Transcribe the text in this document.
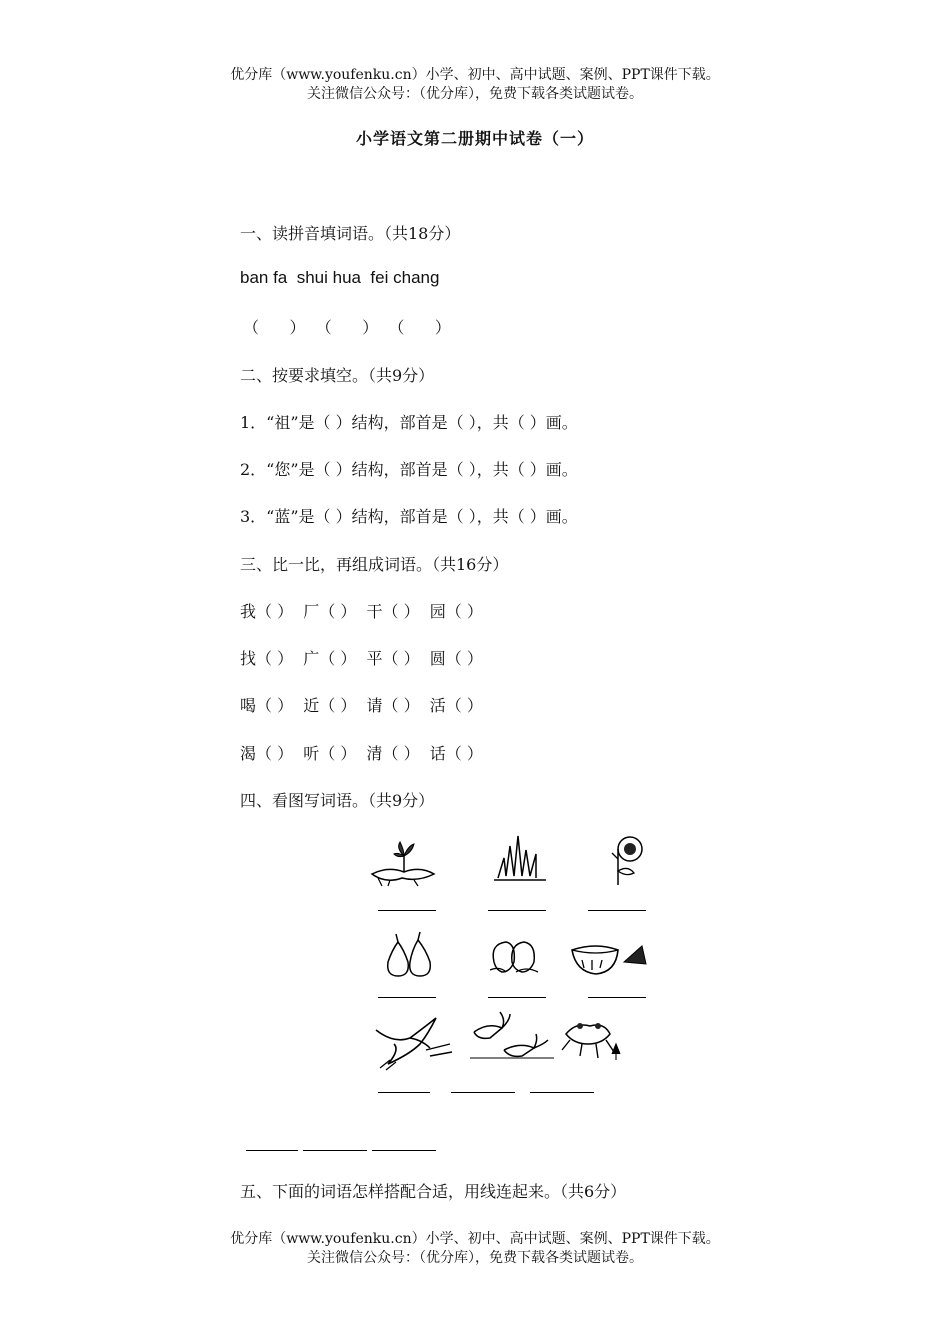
优分库（www.youfenku.cn）小学、初中、高中试题、案例、PPT课件下载。
关注微信公众号：（优分库），免费下载各类试题试卷。
小学语文第二册期中试卷（一）
一、读拼音填词语。（共18分）
ban fa  shui hua  fei chang
（      ）  （      ）  （      ）
二、按要求填空。（共9分）
1．“祖”是（ ）结构，部首是（ ），共（ ）画。
2．“您”是（ ）结构，部首是（ ），共（ ）画。
3．“蓝”是（ ）结构，部首是（ ），共（ ）画。
三、比一比，再组成词语。（共16分）
我（ ）  厂（ ）  干（ ）  园（ ）
找（ ）  广（ ）  平（ ）  圆（ ）
喝（ ）  近（ ）  请（ ）  活（ ）
渴（ ）  听（ ）  清（ ）  话（ ）
四、看图写词语。（共9分）
五、下面的词语怎样搭配合适，用线连起来。（共6分）
优分库（www.youfenku.cn）小学、初中、高中试题、案例、PPT课件下载。
关注微信公众号：（优分库），免费下载各类试题试卷。
